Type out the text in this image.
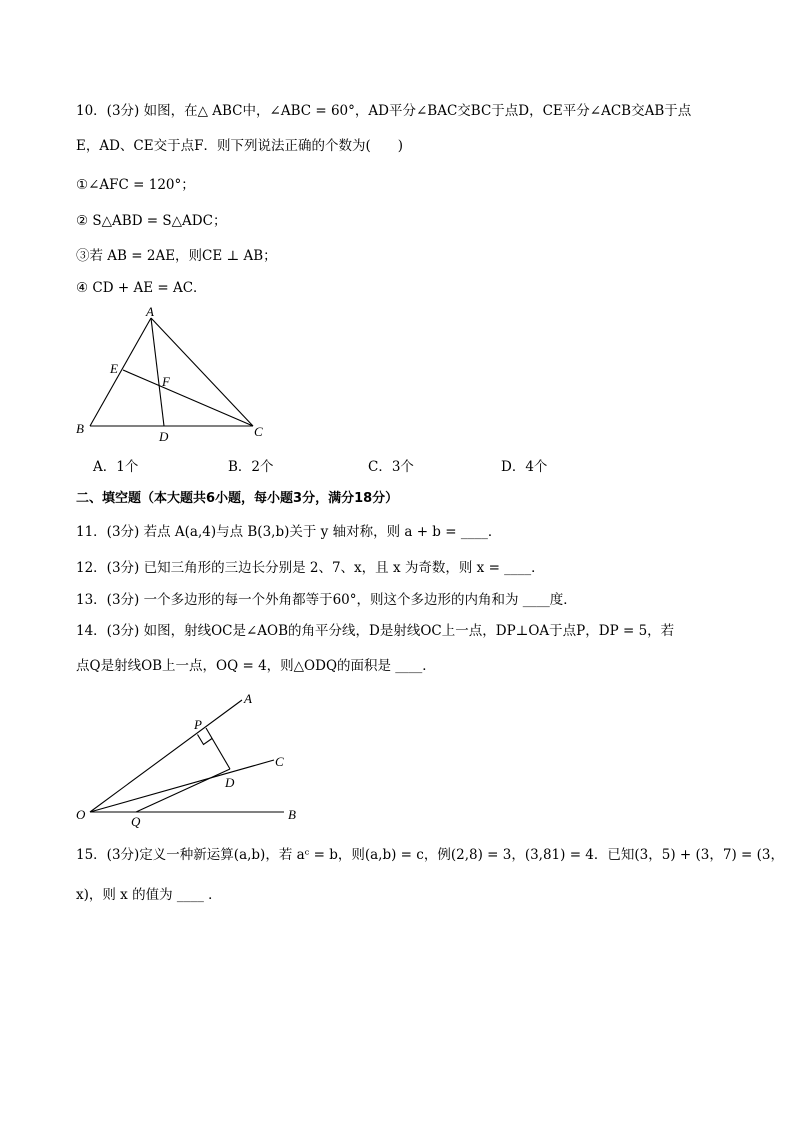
10．(3分) 如图，在△ ABC中，∠ABC = 60°，AD平分∠BAC交BC于点D，CE平分∠ACB交AB于点
E，AD、CE交于点F．则下列说法正确的个数为(　　)
①∠AFC = 120°；
② S△ABD = S△ADC；
③若 AB = 2AE，则CE ⊥ AB；
④ CD + AE = AC．
A
B	C
D
E
F
A．1个	B．2个	C．3个	D．4个
二、填空题（本大题共6小题，每小题3分，满分18分）
11．(3分) 若点 A(a,4)与点 B(3,b)关于 y 轴对称，则 a + b = ____．
12．(3分) 已知三角形的三边长分别是 2、7、x，且 x 为奇数，则 x = ____．
13．(3分) 一个多边形的每一个外角都等于60°，则这个多边形的内角和为 ____度．
14．(3分) 如图，射线OC是∠AOB的角平分线，D是射线OC上一点，DP⊥OA于点P，DP = 5，若
点Q是射线OB上一点，OQ = 4，则△ODQ的面积是 ____．
A
P
C
D
O	Q	B
15．(3分)定义一种新运算(a,b)，若 aᶜ = b，则(a,b) = c，例(2,8) = 3，(3,81) = 4．已知(3，5) + (3，7) = (3，
x)，则 x 的值为 ____ ．
